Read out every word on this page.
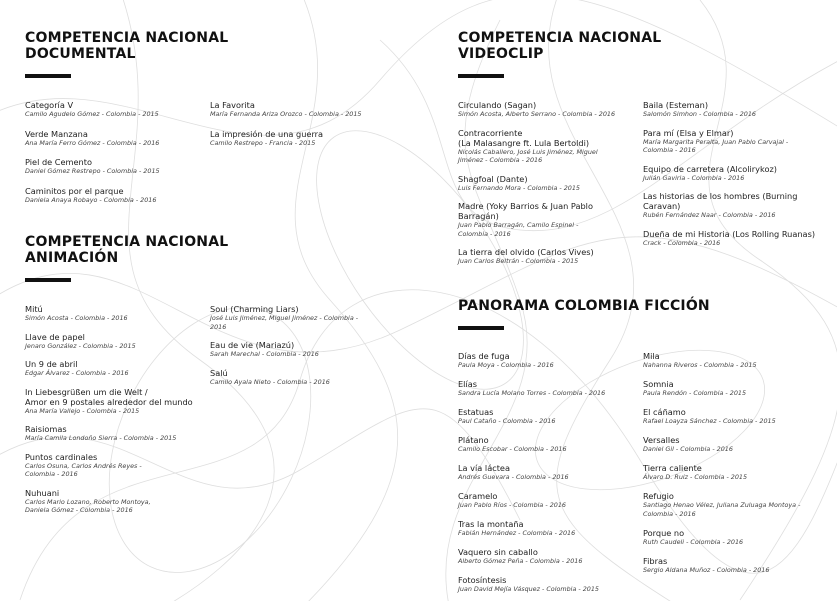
COMPETENCIA NACIONAL
DOCUMENTAL
Categoría V
Camilo Agudelo Gómez - Colombia - 2015
Verde Manzana
Ana María Ferro Gómez - Colombia - 2016
Piel de Cemento
Daniel Gómez Restrepo - Colombia - 2015
Caminitos por el parque
Daniela Anaya Robayo - Colombia - 2016
La Favorita
María Fernanda Ariza Orozco - Colombia - 2015
La impresión de una guerra
Camilo Restrepo - Francia - 2015
COMPETENCIA NACIONAL
ANIMACIÓN
Mitú
Simón Acosta - Colombia - 2016
Llave de papel
Jenaro González - Colombia - 2015
Un 9 de abril
Edgar Álvarez - Colombia - 2016
In Liebesgrüßen um die Welt /
Amor en 9 postales alrededor del mundo
Ana María Vallejo - Colombia - 2015
Raisiomas
María Camila Londoño Sierra - Colombia - 2015
Puntos cardinales
Carlos Osuna, Carlos Andrés Reyes -
Colombia - 2016
Nuhuani
Carlos Mario Lozano, Roberto Montoya,
Daniela Gómez - Colombia - 2016
Soul (Charming Liars)
José Luis Jiménez, Miguel Jiménez - Colombia -
2016
Eau de vie (Mariazú)
Sarah Marechal - Colombia - 2016
Salú
Camilo Ayala Nieto - Colombia - 2016
COMPETENCIA NACIONAL
VIDEOCLIP
Circulando (Sagan)
Simón Acosta, Alberto Serrano - Colombia - 2016
Contracorriente
(La Malasangre ft. Lula Bertoldi)
Nicolás Caballero, José Luis Jiménez, Miguel
Jiménez - Colombia - 2016
Shagfoal (Dante)
Luis Fernando Mora - Colombia - 2015
Madre (Yoky Barrios & Juan Pablo
Barragán)
Juan Pablo Barragán, Camilo Espinel -
Colombia - 2016
La tierra del olvido (Carlos Vives)
Juan Carlos Beltrán - Colombia - 2015
Baila (Esteman)
Salomón Simhon - Colombia - 2016
Para mí (Elsa y Elmar)
María Margarita Peralta, Juan Pablo Carvajal -
Colombia - 2016
Equipo de carretera (Alcolirykoz)
Julián Gaviria - Colombia - 2016
Las historias de los hombres (Burning
Caravan)
Rubén Fernández Naar - Colombia - 2016
Dueña de mi Historia (Los Rolling Ruanas)
Crack - Colombia - 2016
PANORAMA COLOMBIA FICCIÓN
Días de fuga
Paula Moya - Colombia - 2016
Elías
Sandra Lucía Molano Torres - Colombia - 2016
Estatuas
Paul Cataño - Colombia - 2016
Plátano
Camilo Escobar - Colombia - 2016
La vía láctea
Andrés Guevara - Colombia - 2016
Caramelo
Juan Pablo Ríos - Colombia - 2016
Tras la montaña
Fabián Hernández - Colombia - 2016
Vaquero sin caballo
Alberto Gómez Peña - Colombia - 2016
Fotosíntesis
Juan David Mejía Vásquez - Colombia - 2015
Mila
Nahanna Riveros - Colombia - 2015
Somnia
Paula Rendón - Colombia - 2015
El cáñamo
Rafael Loayza Sánchez - Colombia - 2015
Versalles
Daniel Gil - Colombia - 2016
Tierra caliente
Álvaro D. Ruiz - Colombia - 2015
Refugio
Santiago Henao Vélez, Juliana Zuluaga Montoya -
Colombia - 2016
Porque no
Ruth Caudeli - Colombia - 2016
Fibras
Sergio Aldana Muñoz - Colombia - 2016
